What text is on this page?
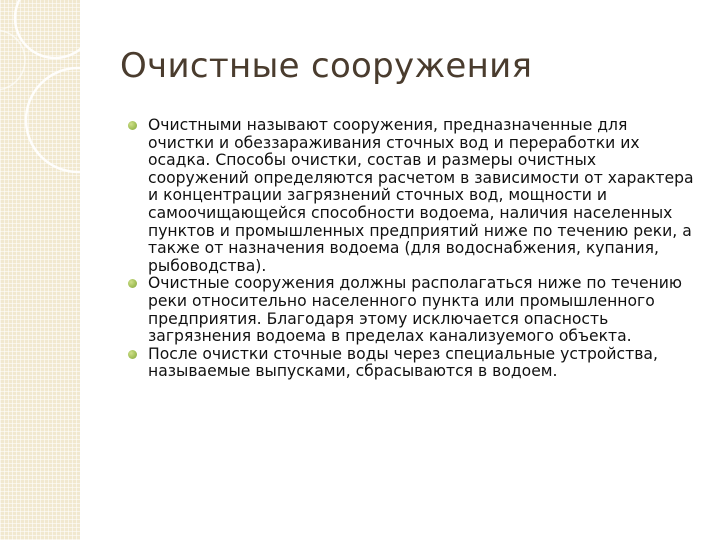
Очистные сооружения
Очистными называют сооружения, предназначенные для очистки и обеззараживания сточных вод и переработки их осадка. Способы очистки, состав и размеры очистных сооружений определяются расчетом в зависимости от характера и концентрации загрязнений сточных вод, мощности и самоочищающейся способности водоема, наличия населенных пунктов и промышленных предприятий ниже по течению реки, а также от назначения водоема (для водоснабжения, купания, рыбоводства).
Очистные сооружения должны располагаться ниже по течению реки относительно населенного пункта или промышленного предприятия. Благодаря этому исключается опасность загрязнения водоема в пределах канализуемого объекта.
После очистки сточные воды через специальные устройства, называемые выпусками, сбрасываются в водоем.
